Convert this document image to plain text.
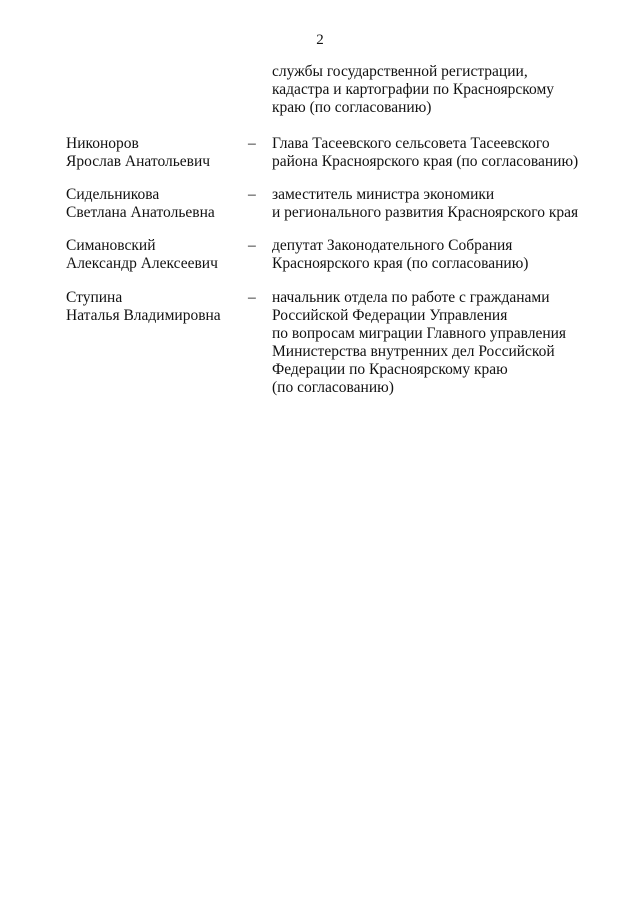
2
службы государственной регистрации,
кадастра и картографии по Красноярскому
краю (по согласованию)
Никоноров
Ярослав Анатольевич
– Глава Тасеевского сельсовета Тасеевского
района Красноярского края (по согласованию)
Сидельникова
Светлана Анатольевна
– заместитель министра экономики
и регионального развития Красноярского края
Симановский
Александр Алексеевич
– депутат Законодательного Собрания
Красноярского края (по согласованию)
Ступина
Наталья Владимировна
– начальник отдела по работе с гражданами
Российской Федерации Управления
по вопросам миграции Главного управления
Министерства внутренних дел Российской
Федерации по Красноярскому краю
(по согласованию)
